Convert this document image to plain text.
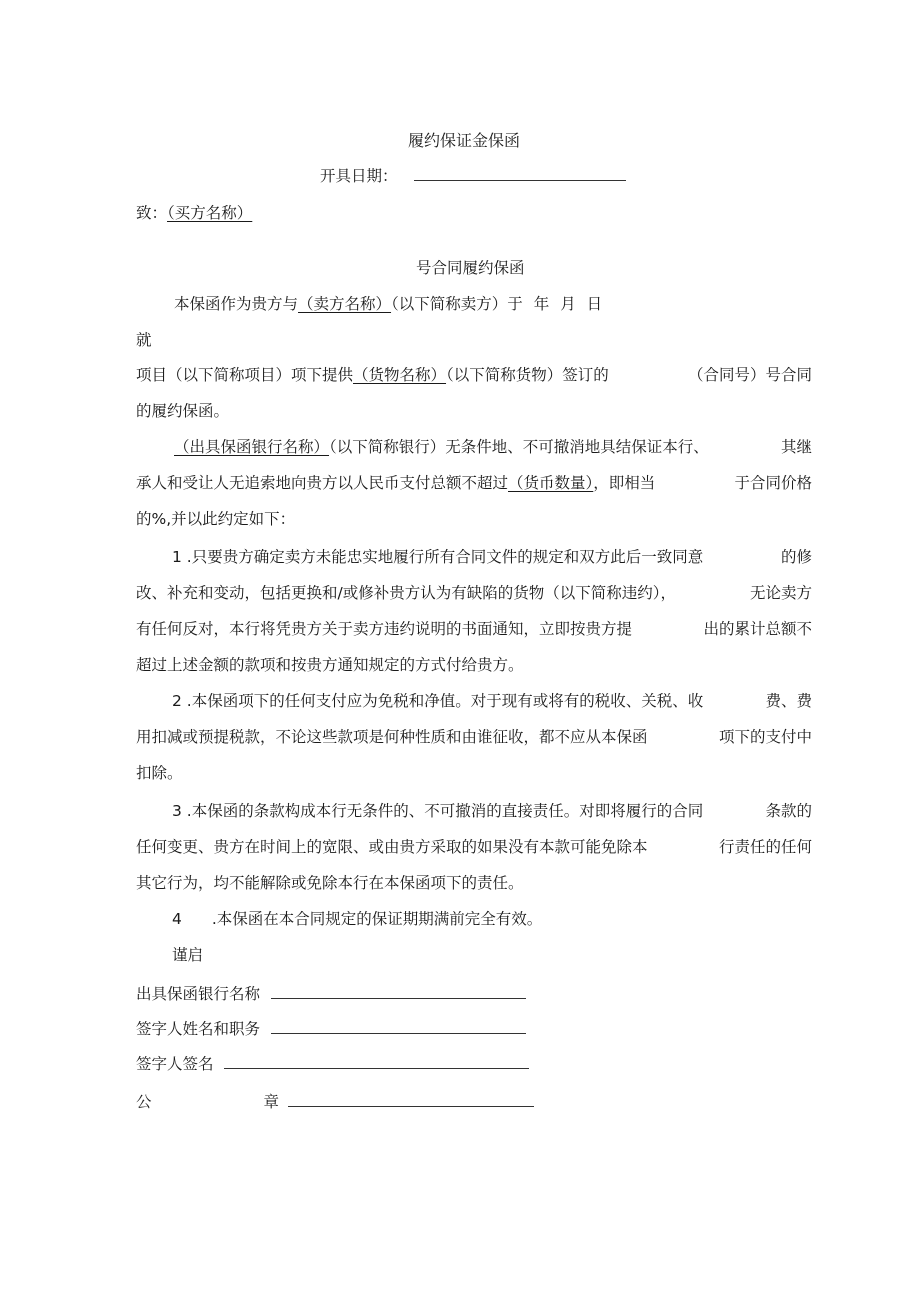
履约保证金保函
开具日期：
致：（买方名称）
号合同履约保函
本保函作为贵方与（卖方名称）（以下简称卖方）于 年 月 日
就
项目（以下简称项目）项下提供（货物名称）（以下简称货物）签订的	（合同号）号合同
的履约保函。
（出具保函银行名称）（以下简称银行）无条件地、不可撤消地具结保证本行、	其继
承人和受让人无追索地向贵方以人民币支付总额不超过（货币数量），即相当	于合同价格
的%,并以此约定如下：
1 .只要贵方确定卖方未能忠实地履行所有合同文件的规定和双方此后一致同意	的修
改、补充和变动，包括更换和/或修补贵方认为有缺陷的货物（以下简称违约），	无论卖方
有任何反对，本行将凭贵方关于卖方违约说明的书面通知，立即按贵方提	出的累计总额不
超过上述金额的款项和按贵方通知规定的方式付给贵方。
2 .本保函项下的任何支付应为免税和净值。对于现有或将有的税收、关税、收	费、费
用扣减或预提税款，不论这些款项是何种性质和由谁征收，都不应从本保函	项下的支付中
扣除。
3 .本保函的条款构成本行无条件的、不可撤消的直接责任。对即将履行的合同	条款的
任何变更、贵方在时间上的宽限、或由贵方采取的如果没有本款可能免除本	行责任的任何
其它行为，均不能解除或免除本行在本保函项下的责任。
4 .本保函在本合同规定的保证期期满前完全有效。
谨启
出具保函银行名称
签字人姓名和职务
签字人签名
公	章
